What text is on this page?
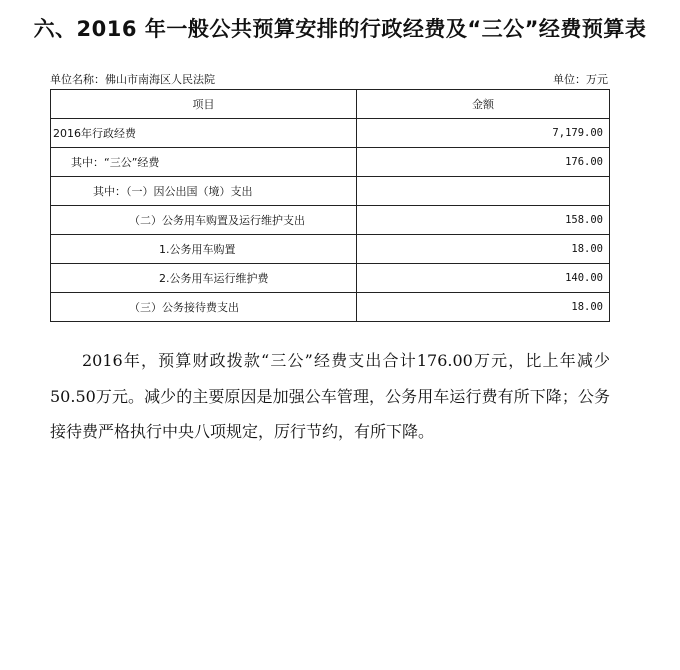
六、2016 年一般公共预算安排的行政经费及“三公”经费预算表
单位名称：佛山市南海区人民法院	单位：万元
项目	金额
2016年行政经费	7,179.00
其中：“三公”经费	176.00
其中：（一）因公出国（境）支出	
（二）公务用车购置及运行维护支出	158.00
1.公务用车购置	18.00
2.公务用车运行维护费	140.00
（三）公务接待费支出	18.00
2016年，预算财政拨款“三公”经费支出合计176.00万元，比上年减少50.50万元。减少的主要原因是加强公车管理，公务用车运行费有所下降；公务接待费严格执行中央八项规定，厉行节约，有所下降。
